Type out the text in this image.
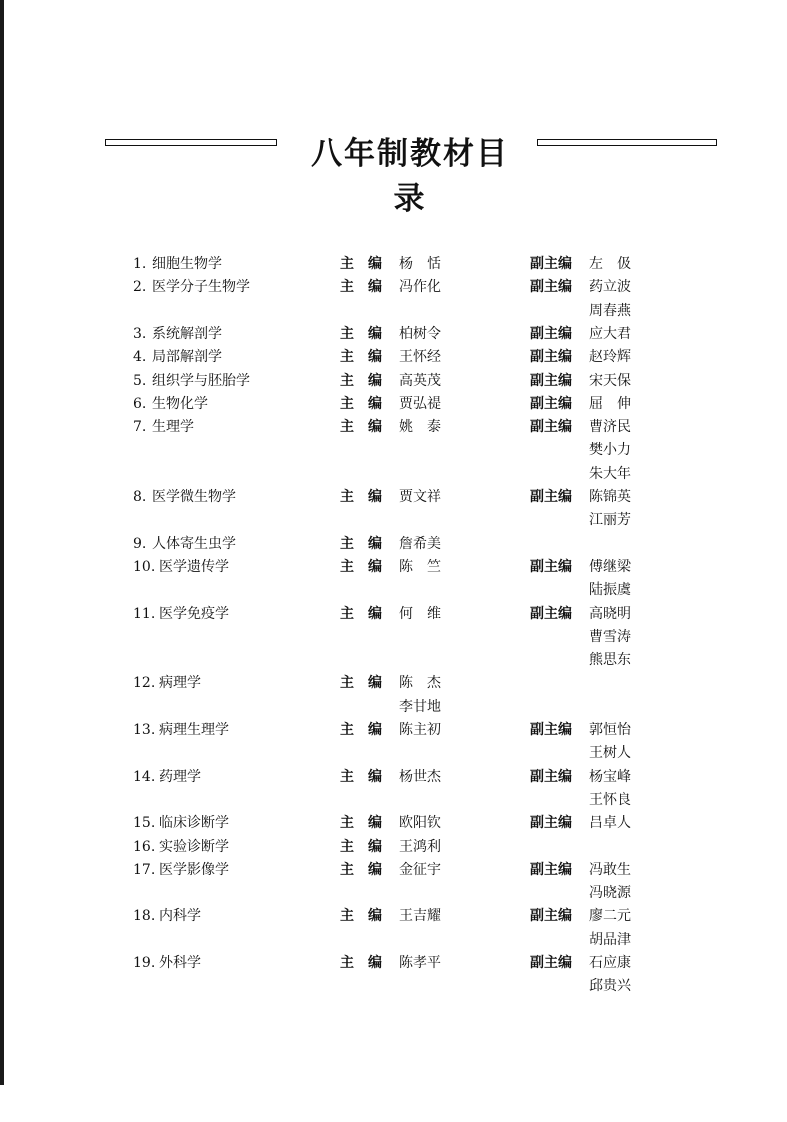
八年制教材目录
1. 细胞生物学	主　编 杨　恬	副主编 左　伋
2. 医学分子生物学	主　编 冯作化	副主编 药立波
周春燕
3. 系统解剖学	主　编 柏树令	副主编 应大君
4. 局部解剖学	主　编 王怀经	副主编 赵玲辉
5. 组织学与胚胎学	主　编 高英茂	副主编 宋天保
6. 生物化学	主　编 贾弘禔	副主编 屈　伸
7. 生理学	主　编 姚　泰	副主编 曹济民
樊小力
朱大年
8. 医学微生物学	主　编 贾文祥	副主编 陈锦英
江丽芳
9. 人体寄生虫学	主　编 詹希美
10. 医学遗传学	主　编 陈　竺	副主编 傅继梁
陆振虞
11. 医学免疫学	主　编 何　维	副主编 高晓明
曹雪涛
熊思东
12. 病理学	主　编 陈　杰
李甘地
13. 病理生理学	主　编 陈主初	副主编 郭恒怡
王树人
14. 药理学	主　编 杨世杰	副主编 杨宝峰
王怀良
15. 临床诊断学	主　编 欧阳钦	副主编 吕卓人
16. 实验诊断学	主　编 王鸿利
17. 医学影像学	主　编 金征宇	副主编 冯敢生
冯晓源
18. 内科学	主　编 王吉耀	副主编 廖二元
胡品津
19. 外科学	主　编 陈孝平	副主编 石应康
邱贵兴
